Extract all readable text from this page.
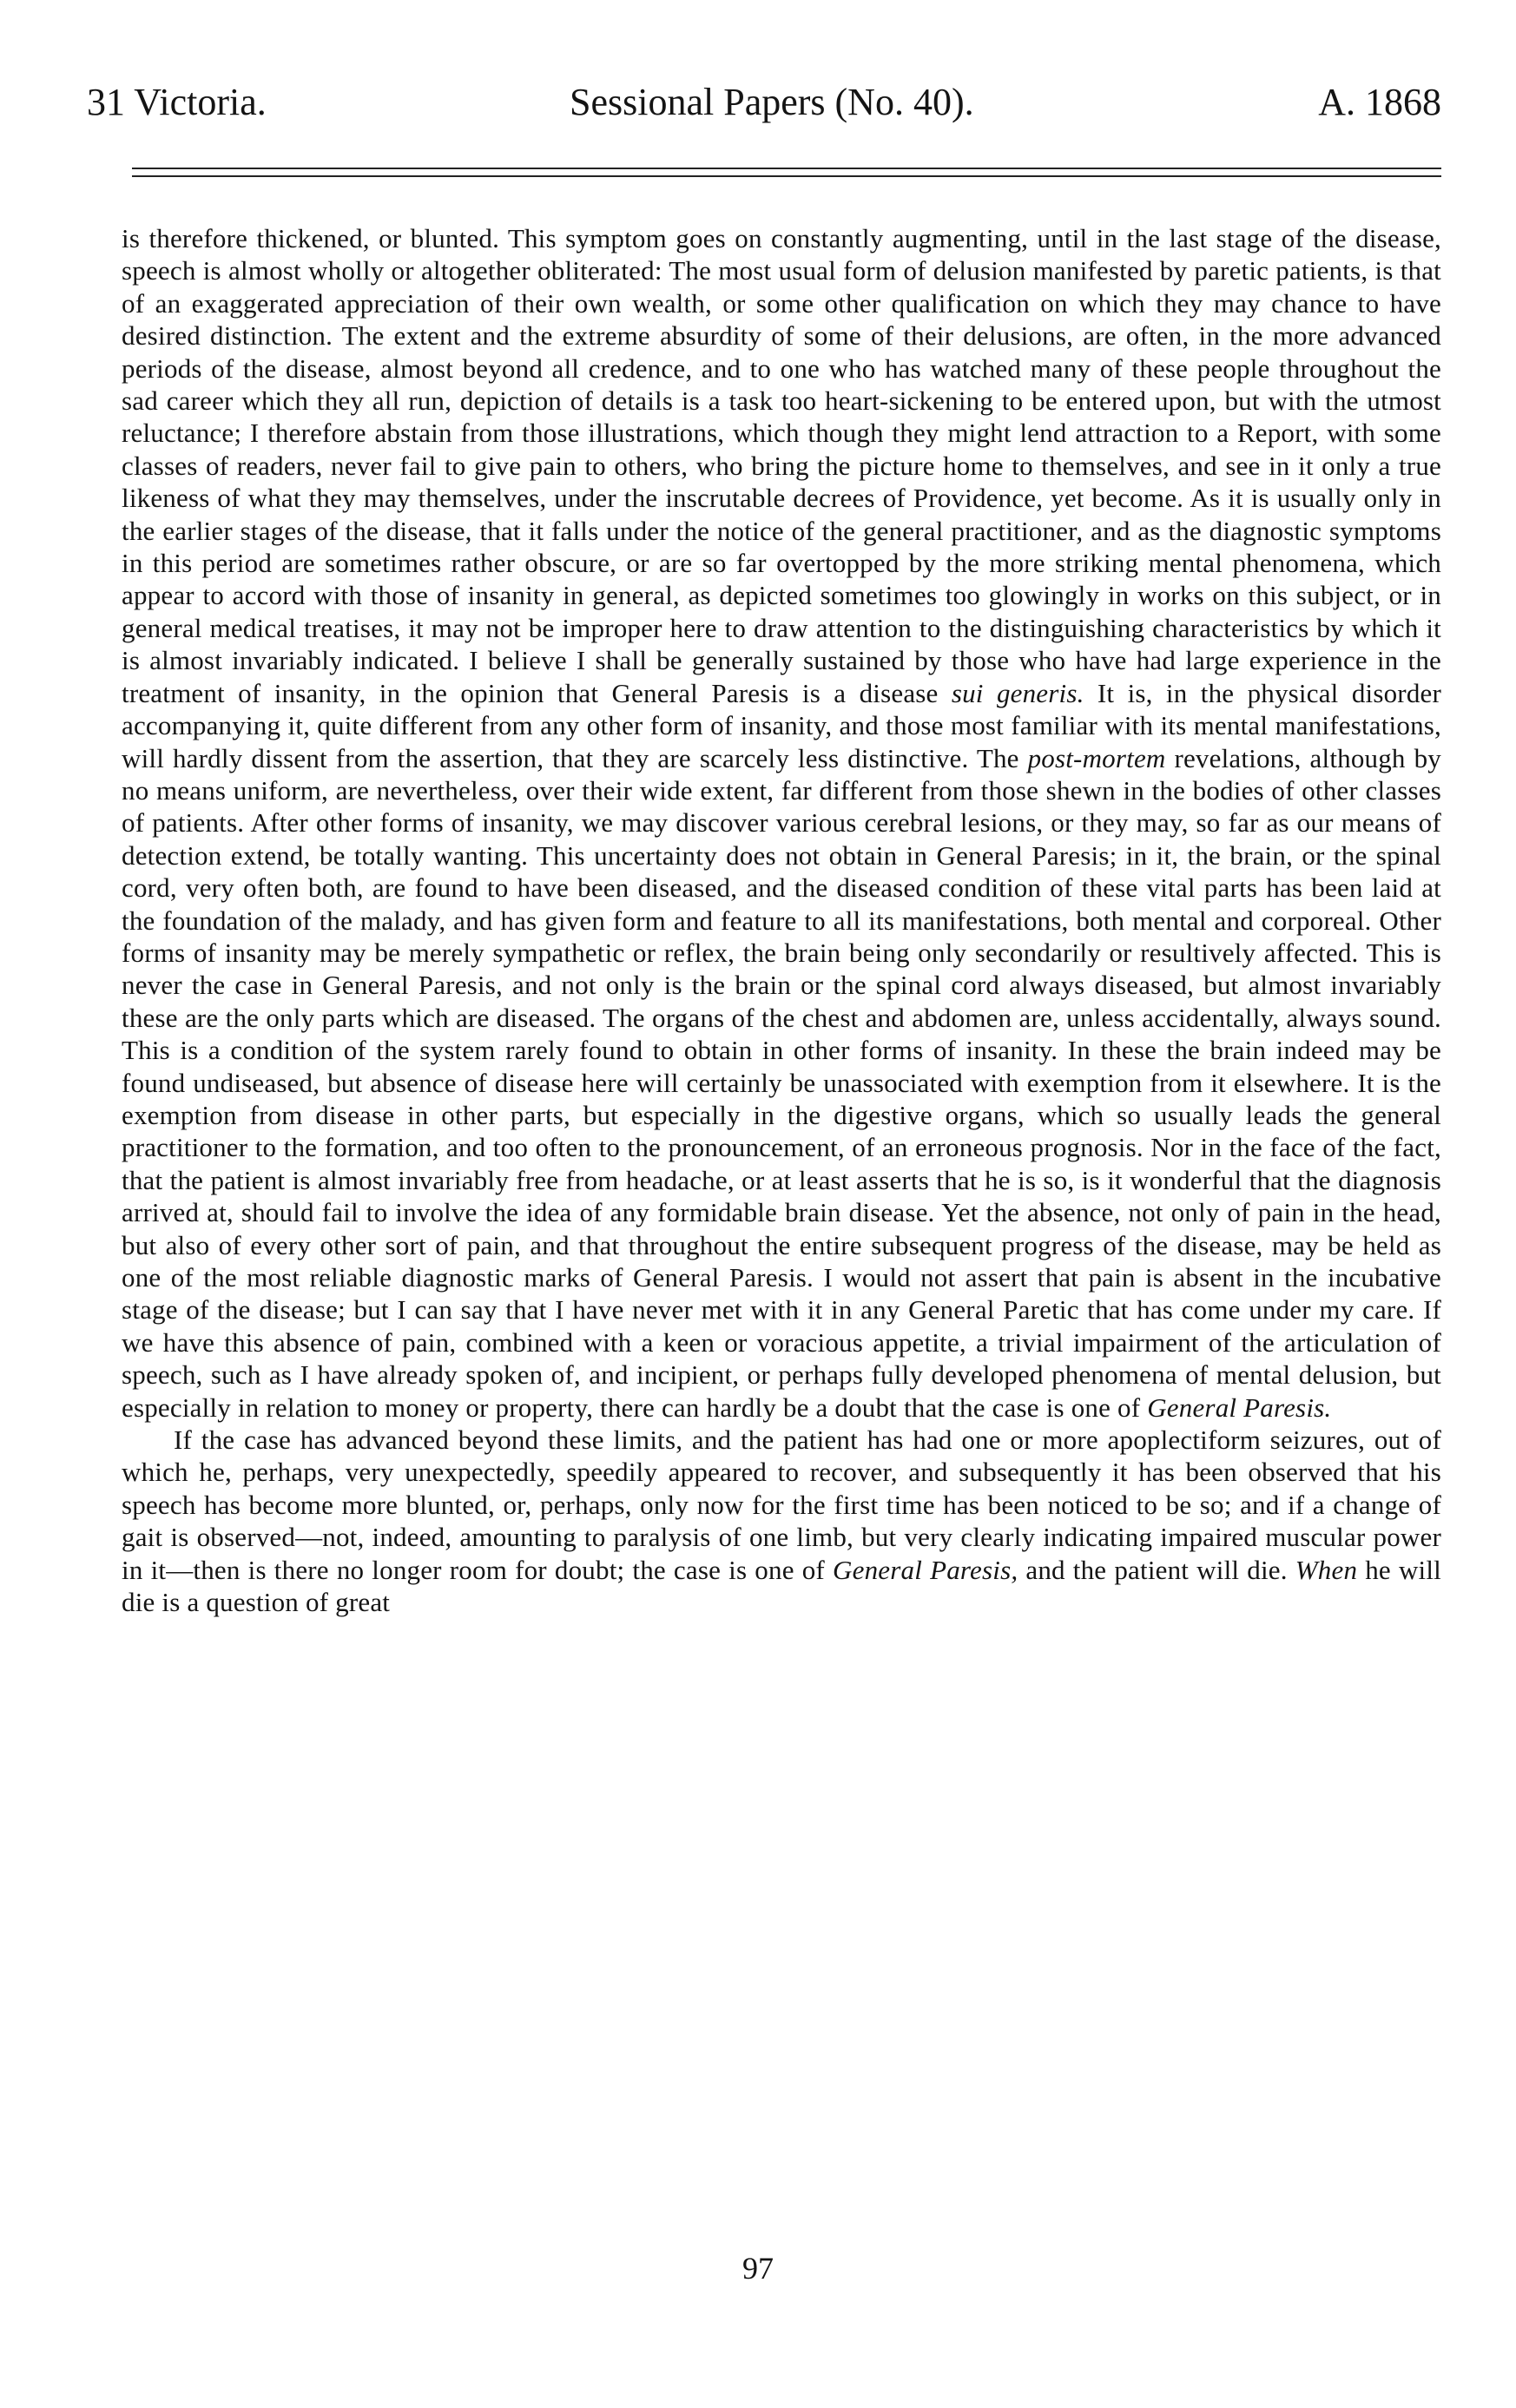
31 Victoria.	Sessional Papers (No. 40).	A. 1868

is therefore thickened, or blunted. This symptom goes on constantly augmenting, until in the last stage of the disease, speech is almost wholly or altogether obliterated: The most usual form of delusion manifested by paretic patients, is that of an exaggerated appreciation of their own wealth, or some other qualification on which they may chance to have desired distinction. The extent and the extreme absurdity of some of their delusions, are often, in the more advanced periods of the disease, almost beyond all credence, and to one who has watched many of these people throughout the sad career which they all run, depiction of details is a task too heart-sickening to be entered upon, but with the utmost reluctance; I therefore abstain from those illustrations, which though they might lend attraction to a Report, with some classes of readers, never fail to give pain to others, who bring the picture home to themselves, and see in it only a true likeness of what they may themselves, under the inscrutable decrees of Providence, yet become. As it is usually only in the earlier stages of the disease, that it falls under the notice of the general practitioner, and as the diagnostic symptoms in this period are sometimes rather obscure, or are so far overtopped by the more striking mental phenomena, which appear to accord with those of insanity in general, as depicted sometimes too glowingly in works on this subject, or in general medical treatises, it may not be improper here to draw attention to the distinguishing characteristics by which it is almost invariably indicated. I believe I shall be generally sustained by those who have had large experience in the treatment of insanity, in the opinion that General Paresis is a disease sui generis. It is, in the physical disorder accompanying it, quite different from any other form of insanity, and those most familiar with its mental manifestations, will hardly dissent from the assertion, that they are scarcely less distinctive. The post-mortem revelations, although by no means uniform, are nevertheless, over their wide extent, far different from those shewn in the bodies of other classes of patients. After other forms of insanity, we may discover various cerebral lesions, or they may, so far as our means of detection extend, be totally wanting. This uncertainty does not obtain in General Paresis; in it, the brain, or the spinal cord, very often both, are found to have been diseased, and the diseased condition of these vital parts has been laid at the foundation of the malady, and has given form and feature to all its manifestations, both mental and corporeal. Other forms of insanity may be merely sympathetic or reflex, the brain being only secondarily or resultively affected. This is never the case in General Paresis, and not only is the brain or the spinal cord always diseased, but almost invariably these are the only parts which are diseased. The organs of the chest and abdomen are, unless accidentally, always sound. This is a condition of the system rarely found to obtain in other forms of insanity. In these the brain indeed may be found undiseased, but absence of disease here will certainly be unassociated with exemption from it elsewhere. It is the exemption from disease in other parts, but especially in the digestive organs, which so usually leads the general practitioner to the formation, and too often to the pronouncement, of an erroneous prognosis. Nor in the face of the fact, that the patient is almost invariably free from headache, or at least asserts that he is so, is it wonderful that the diagnosis arrived at, should fail to involve the idea of any formidable brain disease. Yet the absence, not only of pain in the head, but also of every other sort of pain, and that throughout the entire subsequent progress of the disease, may be held as one of the most reliable diagnostic marks of General Paresis. I would not assert that pain is absent in the incubative stage of the disease; but I can say that I have never met with it in any General Paretic that has come under my care. If we have this absence of pain, combined with a keen or voracious appetite, a trivial impairment of the articulation of speech, such as I have already spoken of, and incipient, or perhaps fully developed phenomena of mental delusion, but especially in relation to money or property, there can hardly be a doubt that the case is one of General Paresis.

If the case has advanced beyond these limits, and the patient has had one or more apoplectiform seizures, out of which he, perhaps, very unexpectedly, speedily appeared to recover, and subsequently it has been observed that his speech has become more blunted, or, perhaps, only now for the first time has been noticed to be so; and if a change of gait is observed—not, indeed, amounting to paralysis of one limb, but very clearly indicating impaired muscular power in it—then is there no longer room for doubt; the case is one of General Paresis, and the patient will die. When he will die is a question of great

97
